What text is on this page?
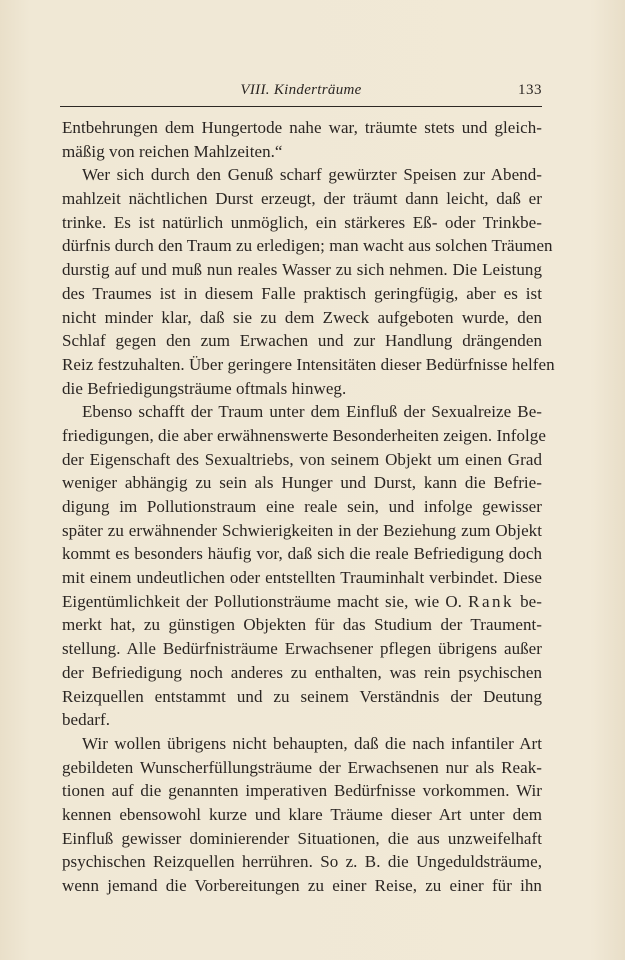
VIII. Kinderträume	133
Entbehrungen dem Hungertode nahe war, träumte stets und gleich-
mäßig von reichen Mahlzeiten.“
Wer sich durch den Genuß scharf gewürzter Speisen zur Abend-
mahlzeit nächtlichen Durst erzeugt, der träumt dann leicht, daß er
trinke. Es ist natürlich unmöglich, ein stärkeres Eß- oder Trinkbe-
dürfnis durch den Traum zu erledigen; man wacht aus solchen Träumen
durstig auf und muß nun reales Wasser zu sich nehmen. Die Leistung
des Traumes ist in diesem Falle praktisch geringfügig, aber es ist
nicht minder klar, daß sie zu dem Zweck aufgeboten wurde, den
Schlaf gegen den zum Erwachen und zur Handlung drängenden
Reiz festzuhalten. Über geringere Intensitäten dieser Bedürfnisse helfen
die Befriedigungsträume oftmals hinweg.
Ebenso schafft der Traum unter dem Einfluß der Sexualreize Be-
friedigungen, die aber erwähnenswerte Besonderheiten zeigen. Infolge
der Eigenschaft des Sexualtriebs, von seinem Objekt um einen Grad
weniger abhängig zu sein als Hunger und Durst, kann die Befrie-
digung im Pollutionstraum eine reale sein, und infolge gewisser
später zu erwähnender Schwierigkeiten in der Beziehung zum Objekt
kommt es besonders häufig vor, daß sich die reale Befriedigung doch
mit einem undeutlichen oder entstellten Trauminhalt verbindet. Diese
Eigentümlichkeit der Pollutionsträume macht sie, wie O. Rank be-
merkt hat, zu günstigen Objekten für das Studium der Traument-
stellung. Alle Bedürfnisträume Erwachsener pflegen übrigens außer
der Befriedigung noch anderes zu enthalten, was rein psychischen
Reizquellen entstammt und zu seinem Verständnis der Deutung
bedarf.
Wir wollen übrigens nicht behaupten, daß die nach infantiler Art
gebildeten Wunscherfüllungsträume der Erwachsenen nur als Reak-
tionen auf die genannten imperativen Bedürfnisse vorkommen. Wir
kennen ebensowohl kurze und klare Träume dieser Art unter dem
Einfluß gewisser dominierender Situationen, die aus unzweifelhaft
psychischen Reizquellen herrühren. So z. B. die Ungeduldsträume,
wenn jemand die Vorbereitungen zu einer Reise, zu einer für ihn
